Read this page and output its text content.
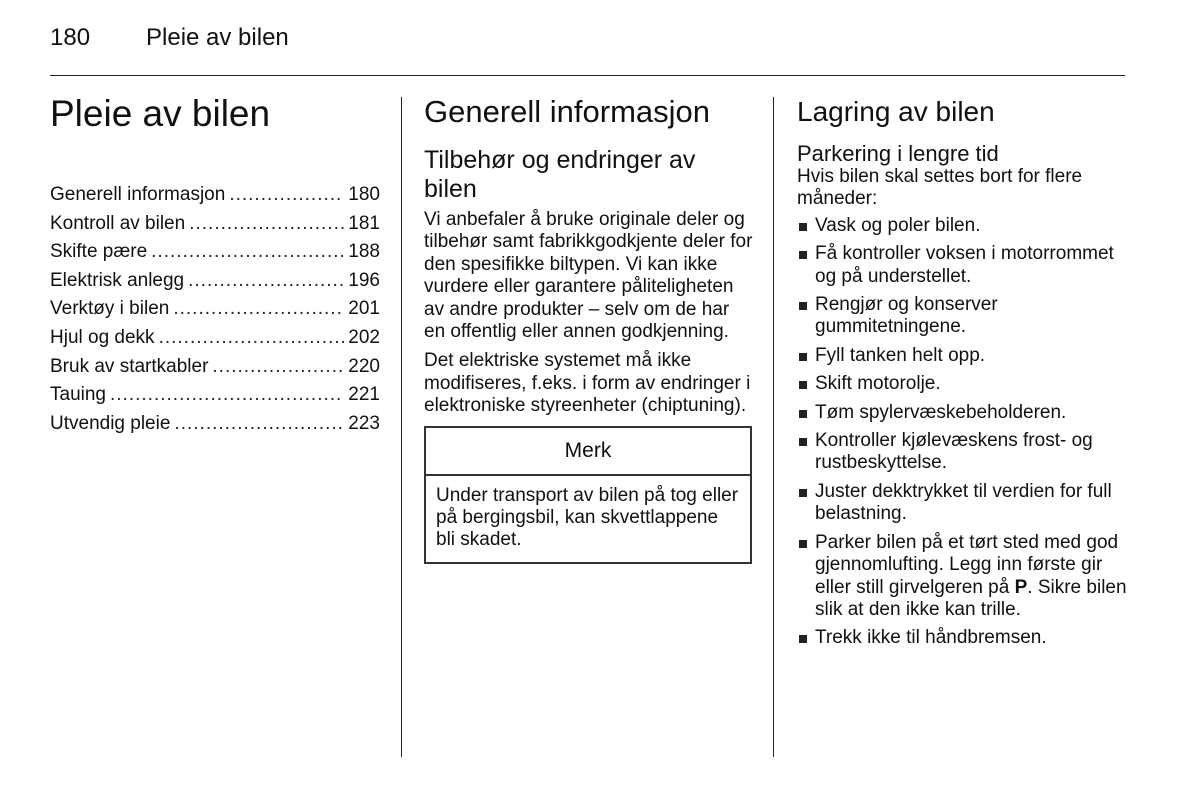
180 Pleie av bilen
Pleie av bilen
Generell informasjon .....	180
Kontroll av bilen .....	181
Skifte pære .....	188
Elektrisk anlegg .....	196
Verktøy i bilen .....	201
Hjul og dekk .....	202
Bruk av startkabler .....	220
Tauing .....	221
Utvendig pleie .....	223
Generell informasjon
Tilbehør og endringer av bilen

Vi anbefaler å bruke originale deler og tilbehør samt fabrikkgodkjente deler for den spesifikke biltypen. Vi kan ikke vurdere eller garantere påliteligheten av andre produkter – selv om de har en offentlig eller annen godkjenning.

Det elektriske systemet må ikke modifiseres, f.eks. i form av endringer i elektroniske styreenheter (chiptuning).

Merk
Under transport av bilen på tog eller på bergingsbil, kan skvettlappene bli skadet.
Lagring av bilen
Parkering i lengre tid

Hvis bilen skal settes bort for flere måneder:

Vask og poler bilen.
Få kontroller voksen i motorrommet og på understellet.
Rengjør og konserver gummitetningene.
Fyll tanken helt opp.
Skift motorolje.
Tøm spylervæskebeholderen.
Kontroller kjølevæskens frost- og rustbeskyttelse.
Juster dekktrykket til verdien for full belastning.
Parker bilen på et tørt sted med god gjennomlufting. Legg inn første gir eller still girvelgeren på P. Sikre bilen slik at den ikke kan trille.
Trekk ikke til håndbremsen.
